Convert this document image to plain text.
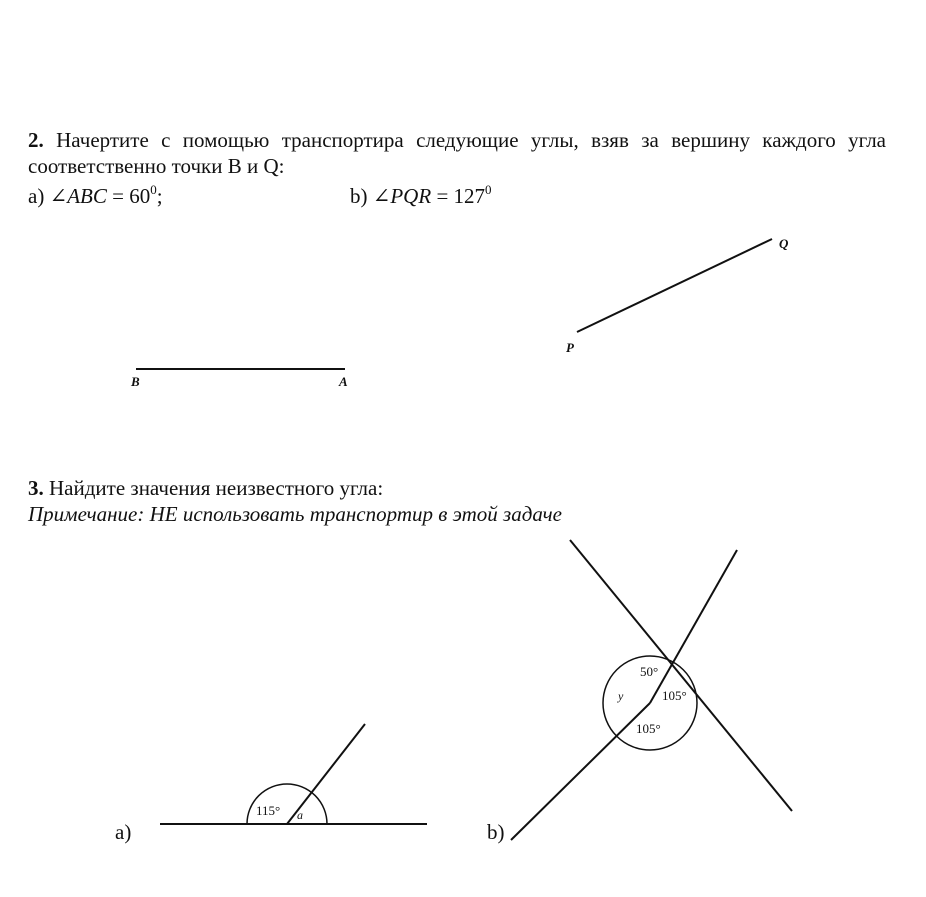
2. Начертите с помощью транспортира следующие углы, взяв за вершину каждого угла
соответственно точки B и Q:
a) ∠ABC = $60^0$;	b) ∠PQR = $127^0$
3. Найдите значения неизвестного угла:
Примечание: НЕ использовать транспортир в этой задаче
a)	b)
B	A
P
Q
115° a
50°
105°
105°
y
